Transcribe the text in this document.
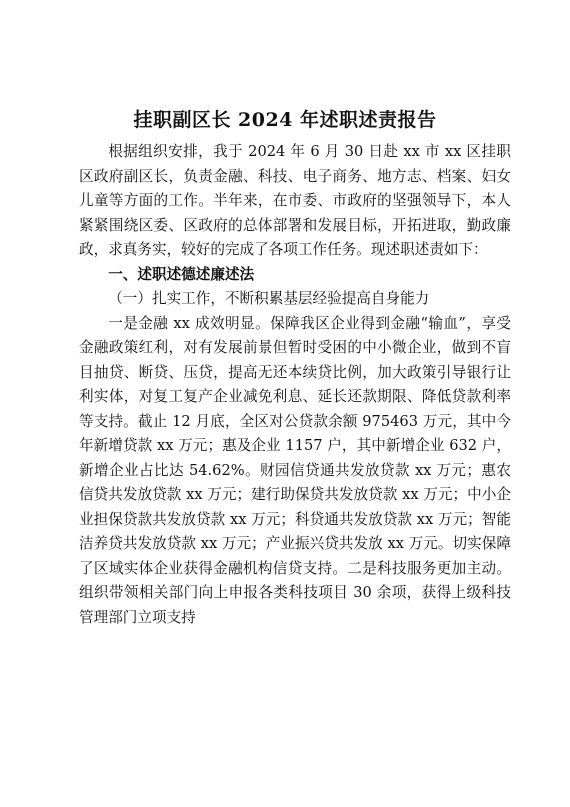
挂职副区长 2024 年述职述责报告

根据组织安排，我于 2024 年 6 月 30 日赴 xx 市 xx 区挂职区政府副区长，负责金融、科技、电子商务、地方志、档案、妇女儿童等方面的工作。半年来，在市委、市政府的坚强领导下，本人紧紧围绕区委、区政府的总体部署和发展目标，开拓进取，勤政廉政，求真务实，较好的完成了各项工作任务。现述职述责如下：

一、述职述德述廉述法

（一）扎实工作，不断积累基层经验提高自身能力

一是金融 xx 成效明显。保障我区企业得到金融“输血”，享受金融政策红利，对有发展前景但暂时受困的中小微企业，做到不盲目抽贷、断贷、压贷，提高无还本续贷比例，加大政策引导银行让利实体，对复工复产企业减免利息、延长还款期限、降低贷款利率等支持。截止 12 月底，全区对公贷款余额 975463 万元，其中今年新增贷款 xx 万元；惠及企业 1157 户，其中新增企业 632 户，新增企业占比达 54.62%。财园信贷通共发放贷款 xx 万元；惠农信贷共发放贷款 xx 万元；建行助保贷共发放贷款 xx 万元；中小企业担保贷款共发放贷款 xx 万元；科贷通共发放贷款 xx 万元；智能洁养贷共发放贷款 xx 万元；产业振兴贷共发放 xx 万元。切实保障了区域实体企业获得金融机构信贷支持。二是科技服务更加主动。组织带领相关部门向上申报各类科技项目 30 余项，获得上级科技管理部门立项支持
